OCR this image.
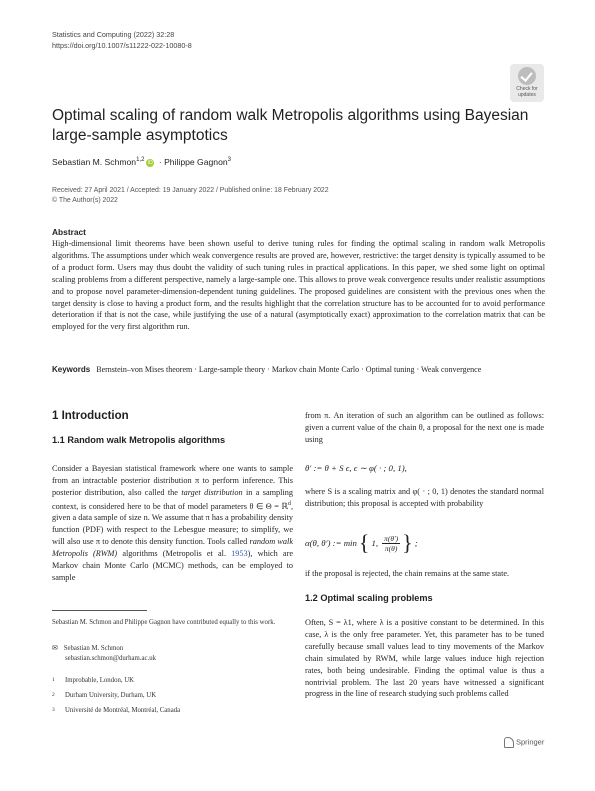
Statistics and Computing (2022) 32:28
https://doi.org/10.1007/s11222-022-10080-8
Check for
updates
Optimal scaling of random walk Metropolis algorithms using Bayesian large-sample asymptotics
Sebastian M. Schmon$^{1,2}$ iD · Philippe Gagnon$^3$
Received: 27 April 2021 / Accepted: 19 January 2022 / Published online: 18 February 2022
© The Author(s) 2022
Abstract
High-dimensional limit theorems have been shown useful to derive tuning rules for finding the optimal scaling in random walk Metropolis algorithms. The assumptions under which weak convergence results are proved are, however, restrictive: the target density is typically assumed to be of a product form. Users may thus doubt the validity of such tuning rules in practical applications. In this paper, we shed some light on optimal scaling problems from a different perspective, namely a large-sample one. This allows to prove weak convergence results under realistic assumptions and to propose novel parameter-dimension-dependent tuning guidelines. The proposed guidelines are consistent with the previous ones when the target density is close to having a product form, and the results highlight that the correlation structure has to be accounted for to avoid performance deterioration if that is not the case, while justifying the use of a natural (asymptotically exact) approximation to the correlation matrix that can be employed for the very first algorithm run.
Keywords Bernstein–von Mises theorem · Large-sample theory · Markov chain Monte Carlo · Optimal tuning · Weak convergence
1 Introduction
1.1 Random walk Metropolis algorithms
Consider a Bayesian statistical framework where one wants to sample from an intractable posterior distribution π to perform inference. This posterior distribution, also called the target distribution in a sampling context, is considered here to be that of model parameters θ ∈ Θ = ℝ$^d$, given a data sample of size n. We assume that π has a probability density function (PDF) with respect to the Lebesgue measure; to simplify, we will also use π to denote this density function. Tools called random walk Metropolis (RWM) algorithms (Metropolis et al. 1953), which are Markov chain Monte Carlo (MCMC) methods, can be employed to sample
Sebastian M. Schmon and Philippe Gagnon have contributed equally to this work.
✉ Sebastian M. Schmon
sebastian.schmon@durham.ac.uk
1 Improbable, London, UK
2 Durham University, Durham, UK
3 Université de Montréal, Montréal, Canada
from π. An iteration of such an algorithm can be outlined as follows: given a current value of the chain θ, a proposal for the next one is made using
θ′ := θ + S ϵ, ϵ ∼ φ( · ; 0, 1),
where S is a scaling matrix and φ( · ; 0, 1) denotes the standard normal distribution; this proposal is accepted with probability
α(θ, θ′) := min { 1, $\frac{\pi(\theta')}{\pi(\theta)}$ } ;
if the proposal is rejected, the chain remains at the same state.
1.2 Optimal scaling problems
Often, S = λ1, where λ is a positive constant to be determined. In this case, λ is the only free parameter. Yet, this parameter has to be tuned carefully because small values lead to tiny movements of the Markov chain simulated by RWM, while large values induce high rejection rates, both being undesirable. Finding the optimal value is thus a nontrivial problem. The last 20 years have witnessed a significant progress in the line of research studying such problems called
Springer
